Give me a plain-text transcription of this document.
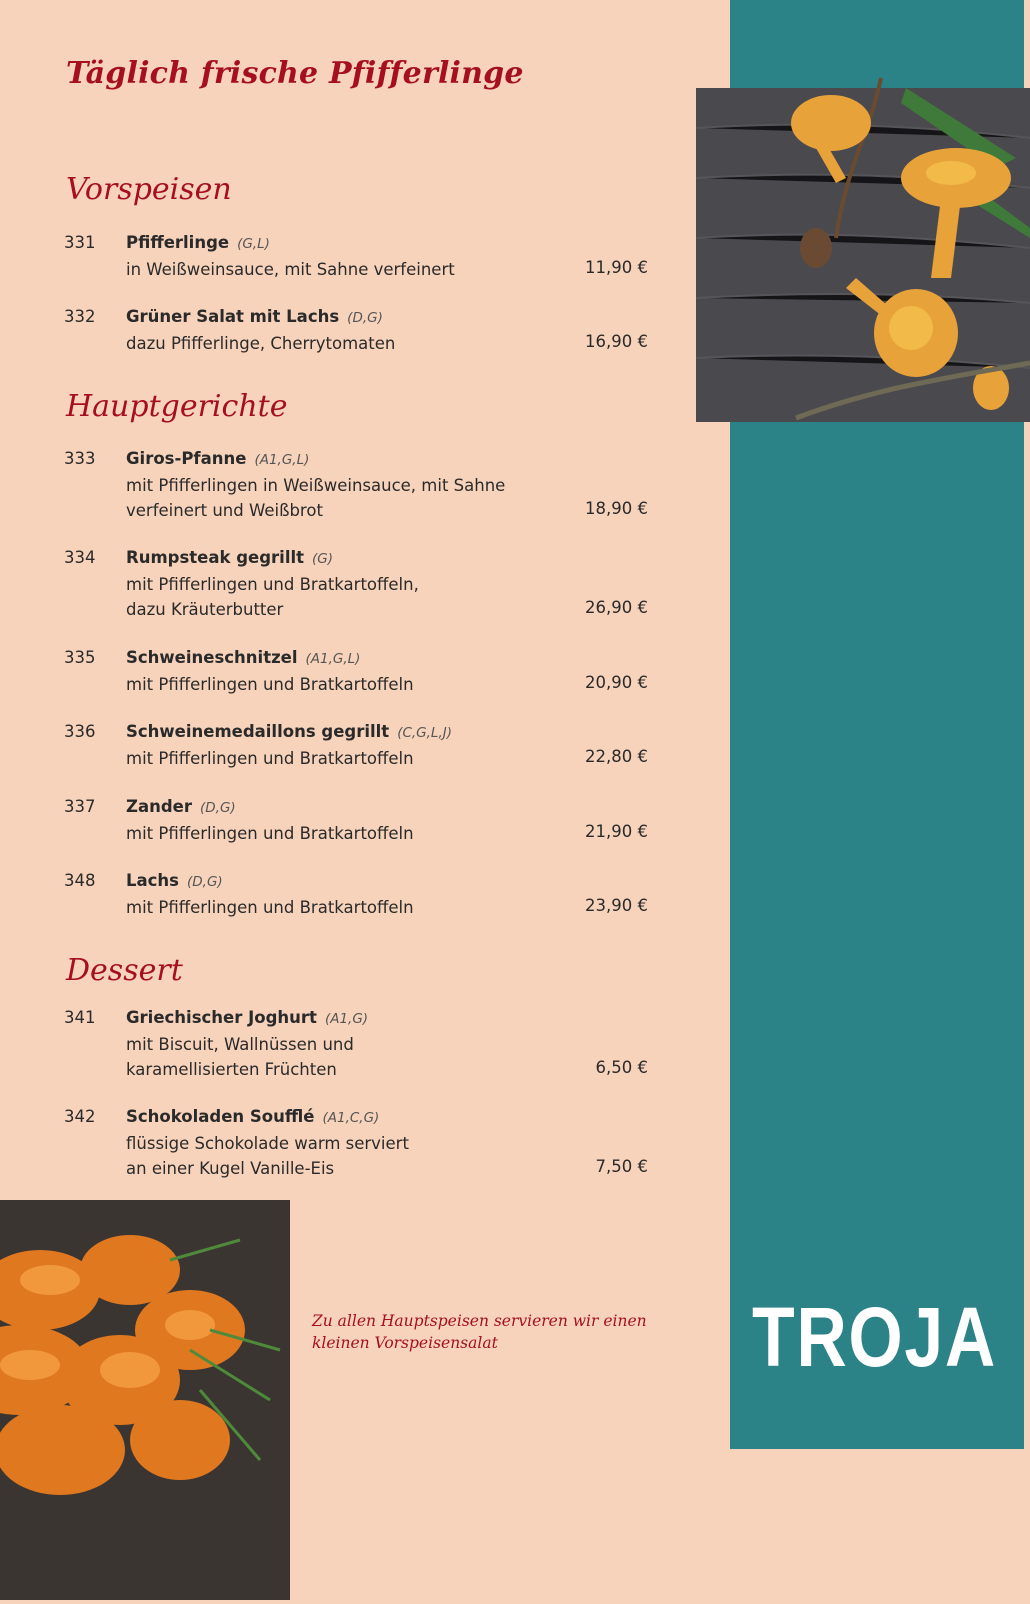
Täglich frische Pfifferlinge
Vorspeisen
331 Pfifferlinge (G,L)
in Weißweinsauce, mit Sahne verfeinert	11,90 €
332 Grüner Salat mit Lachs (D,G)
dazu Pfifferlinge, Cherrytomaten	16,90 €
Hauptgerichte
333 Giros-Pfanne (A1,G,L)
mit Pfifferlingen in Weißweinsauce, mit Sahne
verfeinert und Weißbrot	18,90 €
334 Rumpsteak gegrillt (G)
mit Pfifferlingen und Bratkartoffeln,
dazu Kräuterbutter	26,90 €
335 Schweineschnitzel (A1,G,L)
mit Pfifferlingen und Bratkartoffeln	20,90 €
336 Schweinemedaillons gegrillt (C,G,L,J)
mit Pfifferlingen und Bratkartoffeln	22,80 €
337 Zander (D,G)
mit Pfifferlingen und Bratkartoffeln	21,90 €
348 Lachs (D,G)
mit Pfifferlingen und Bratkartoffeln	23,90 €
Dessert
341 Griechischer Joghurt (A1,G)
mit Biscuit, Wallnüssen und
karamellisierten Früchten	6,50 €
342 Schokoladen Soufflé (A1,C,G)
flüssige Schokolade warm serviert
an einer Kugel Vanille-Eis	7,50 €
Zu allen Hauptspeisen servieren wir einen kleinen Vorspeisensalat	TROJA
